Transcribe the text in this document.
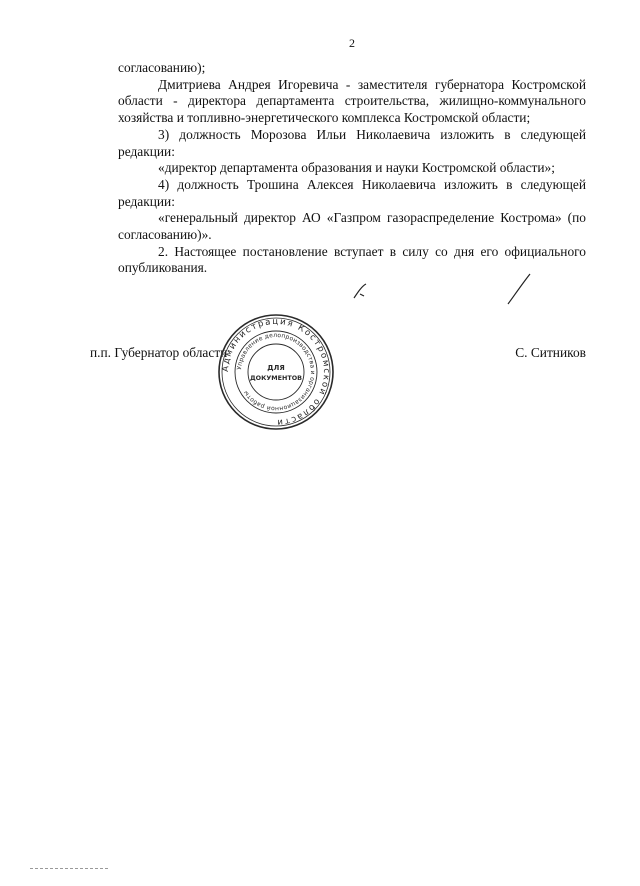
2

согласованию);

Дмитриева Андрея Игоревича - заместителя губернатора Костромской области - директора департамента строительства, жилищно-коммунального хозяйства и топливно-энергетического комплекса Костромской области;

3) должность Морозова Ильи Николаевича изложить в следующей редакции:

«директор департамента образования и науки Костромской области»;

4) должность Трошина Алексея Николаевича изложить в следующей редакции:

«генеральный директор АО «Газпром газораспределение Кострома» (по согласованию)».

2. Настоящее постановление вступает в силу со дня его официального опубликования.

п.п. Губернатор области	С. Ситников
Администрация Костромской области
Управление делопроизводства и организационной работы
ДЛЯ
ДОКУМЕНТОВ
